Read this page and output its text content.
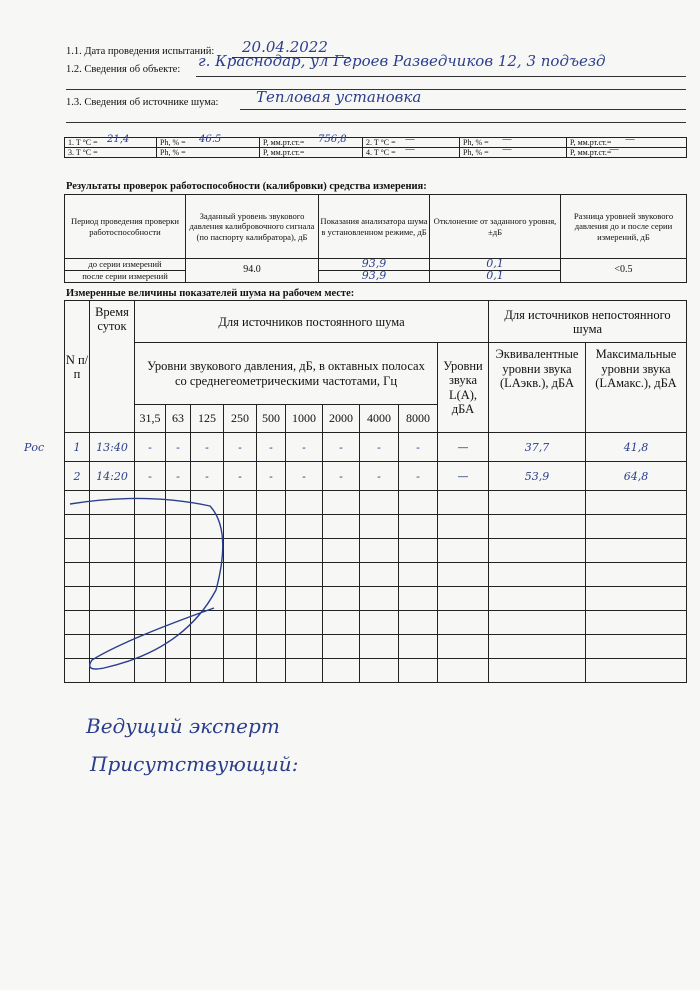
1.1. Дата проведения испытаний: 20.04.2022
1.2. Сведения об объекте: г. Краснодар, ул Героев Разведчиков 12, 3 подъезд
1.3. Сведения об источнике шума:	Тепловая установка
1. T °C = 21,4	Ph, % = 46.5	P, мм.рт.ст.= 756,8	2. T °C = —	Ph, % = —	P, мм.рт.ст.= —

3. T °C =	Ph, % =	P, мм.рт.ст.=	4. T °C = —	Ph, % = —	P, мм.рт.ст.=
—
Результаты проверок работоспособности (калибровки) средства измерения:
Период проведения проверки работоспособности	Заданный уровень звукового давления калибровочного сигнала (по паспорту калибратора), дБ	Показания анализатора шума в установленном режиме, дБ	Отклонение от заданного уровня, ±дБ	Разница уровней звукового давления до и после серии измерений, дБ
до серии измерений	94.0	93,9	0,1	<0.5
после серии измерений		93,9	0,1	
Измеренные величины показателей шума на рабочем месте:
N п/п	Время суток	Для источников постоянного шума										Для источников непостоянного шума	
		Уровни звукового давления, дБ, в октавных полосах со среднегеометрическими частотами, Гц									Уровни звука L(A), дБА	Эквивалентные уровни звука (LAэкв.), дБА	Максимальные уровни звука (LAмакс.), дБА
		31,5	63	125	250	500	1000	2000	4000	8000			
1	13:40	-	-	-	-	-	-	-	-	-	—	37,7	41,8
2	14:20	-	-	-	-	-	-	-	-	-	—	53,9	64,8

Рос
Ведущий эксперт
Присутствующий:
